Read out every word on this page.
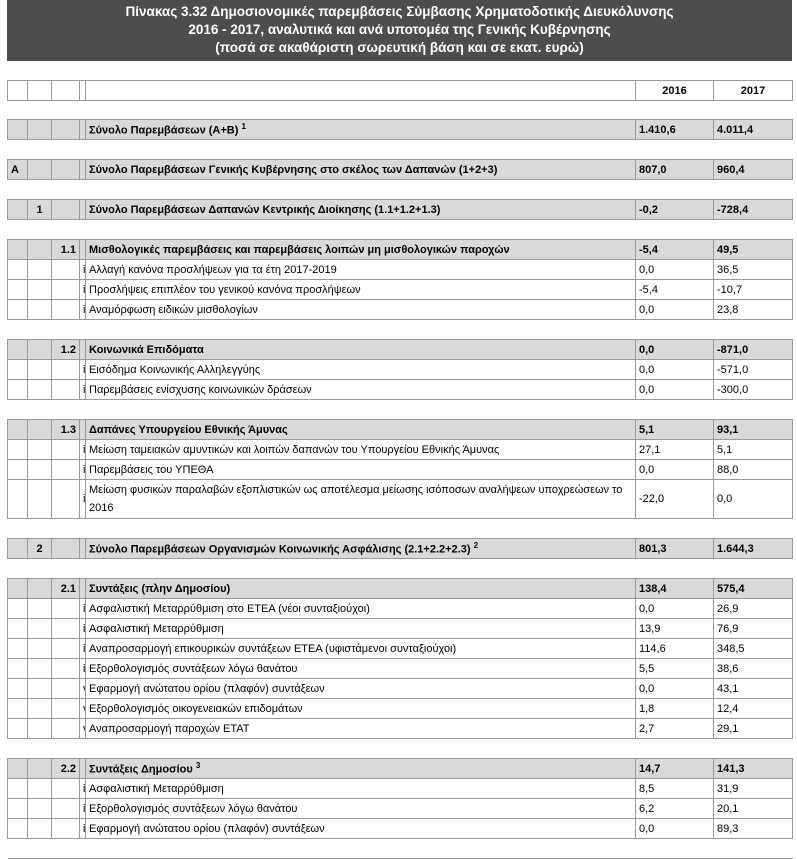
Πίνακας 3.32 Δημοσιονομικές παρεμβάσεις Σύμβασης Χρηματοδοτικής Διευκόλυνσης
2016 - 2017, αναλυτικά και ανά υποτομέα της Γενικής Κυβέρνησης
(ποσά σε ακαθάριστη σωρευτική βάση και σε εκατ. ευρώ)
					2016	2017

				Σύνολο Παρεμβάσεων (Α+Β) $^1$	1.410,6	4.011,4

A				Σύνολο Παρεμβάσεων Γενικής Κυβέρνησης στο σκέλος των Δαπανών (1+2+3)	807,0	960,4

	1			Σύνολο Παρεμβάσεων Δαπανών Κεντρικής Διοίκησης (1.1+1.2+1.3)	-0,2	-728,4

		1.1		Μισθολογικές παρεμβάσεις και παρεμβάσεις λοιπών μη μισθολογικών παροχών	-5,4	49,5
			i	Αλλαγή κανόνα προσλήψεων για τα έτη 2017-2019	0,0	36,5
			i	Προσλήψεις επιπλέον του γενικού κανόνα προσλήψεων	-5,4	-10,7
			i	Αναμόρφωση ειδικών μισθολογίων	0,0	23,8

		1.2		Κοινωνικά Επιδόματα	0,0	-871,0
			i	Εισόδημα Κοινωνικής Αλληλεγγύης	0,0	-571,0
			i	Παρεμβάσεις ενίσχυσης κοινωνικών δράσεων	0,0	-300,0

		1.3		Δαπάνες Υπουργείου Εθνικής Άμυνας	5,1	93,1
			i	Μείωση ταμειακών αμυντικών και λοιπών δαπανών του Υπουργείου Εθνικής Άμυνας	27,1	5,1
			i	Παρεμβάσεις του ΥΠΕΘΑ	0,0	88,0
			i	Μείωση φυσικών παραλαβών εξοπλιστικών ως αποτέλεσμα μείωσης ισόποσων αναλήψεων υποχρεώσεων το 2016	-22,0	0,0

	2			Σύνολο Παρεμβάσεων Οργανισμών Κοινωνικής Ασφάλισης (2.1+2.2+2.3) $^2$	801,3	1.644,3

		2.1		Συντάξεις (πλην Δημοσίου)	138,4	575,4
			i	Ασφαλιστική Μεταρρύθμιση στο ΕΤΕΑ (νέοι συνταξιούχοι)	0,0	26,9
			i	Ασφαλιστική Μεταρρύθμιση	13,9	76,9
			i	Αναπροσαρμογή επικουρικών συντάξεων ΕΤΕΑ (υφιστάμενοι συνταξιούχοι)	114,6	348,5
			i	Εξορθολογισμός συντάξεων λόγω θανάτου	5,5	38,6
				Εφαρμογή ανώτατου ορίου (πλαφόν) συντάξεων	0,0	43,1
				Εξορθολογισμός οικογενειακών επιδομάτων	1,8	12,4
				Αναπροσαρμογή παροχών ΕΤΑΤ	2,7	29,1

		2.2		Συντάξεις Δημοσίου $^3$	14,7	141,3
			i	Ασφαλιστική Μεταρρύθμιση	8,5	31,9
			i	Εξορθολογισμός συντάξεων λόγω θανάτου	6,2	20,1
			i	Εφαρμογή ανώτατου ορίου (πλαφόν) συντάξεων	0,0	89,3
